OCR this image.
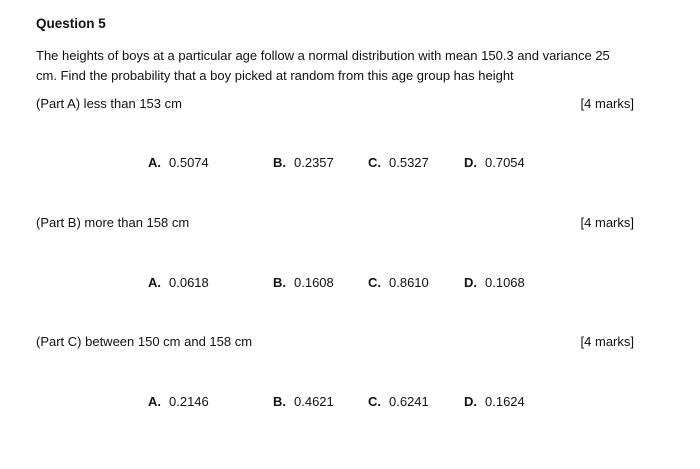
Question 5
The heights of boys at a particular age follow a normal distribution with mean 150.3 and variance 25
cm. Find the probability that a boy picked at random from this age group has height
(Part A) less than 153 cm	[4 marks]
A. 0.5074	B. 0.2357	C. 0.5327	D. 0.7054
(Part B) more than 158 cm	[4 marks]
A. 0.0618	B. 0.1608	C. 0.8610	D. 0.1068
(Part C) between 150 cm and 158 cm	[4 marks]
A. 0.2146	B. 0.4621	C. 0.6241	D. 0.1624
